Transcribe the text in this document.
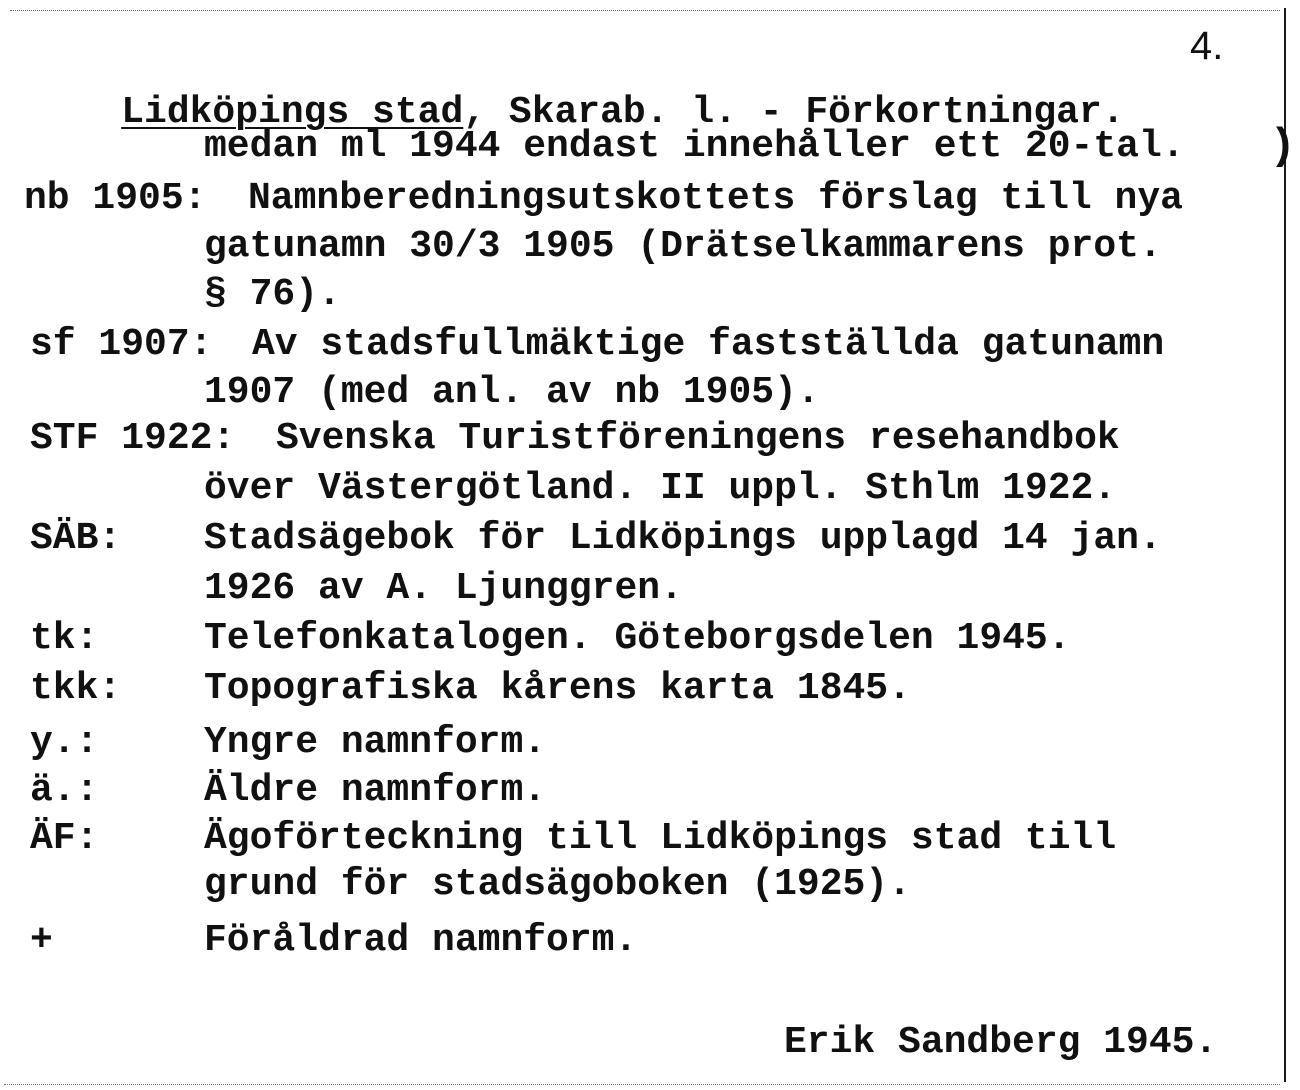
Lidköpings stad, Skarab. l. - Förkortningar.

4.
medan ml 1944 endast innehåller ett 20-tal. )
nb 1905: Namnberedningsutskottets förslag till nya
gatunamn 30/3 1905 (Drätselkammarens prot.
§ 76).
sf 1907: Av stadsfullmäktige fastställda gatunamn
1907 (med anl. av nb 1905).
STF 1922: Svenska Turistföreningens resehandbok
över Västergötland. II uppl. Sthlm 1922.
SÄB: Stadsägebok för Lidköpings upplagd 14 jan.
1926 av A. Ljunggren.
tk:	Telefonkatalogen. Göteborgsdelen 1945.
tkk: Topografiska kårens karta 1845.
y.:	Yngre namnform.
ä.:	Äldre namnform.
ÄF:	Ägoförteckning till Lidköpings stad till
grund för stadsägoboken (1925).
+	Föråldrad namnform.
Erik Sandberg 1945.
